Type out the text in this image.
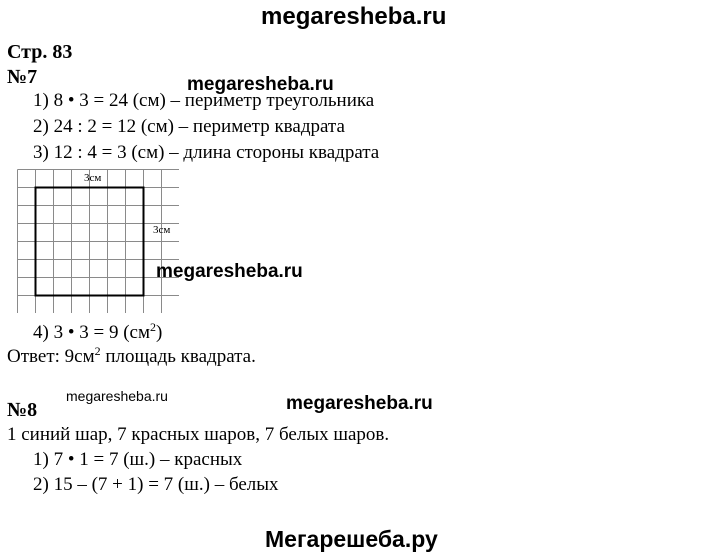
megaresheba.ru
Стр. 83
№7	megaresheba.ru
1) 8 • 3 = 24 (см) – периметр треугольника
2) 24 : 2 = 12 (см) – периметр квадрата
3) 12 : 4 = 3 (см) – длина стороны квадрата
3см
3см
megaresheba.ru
4) 3 • 3 = 9 $(см^2)$
Ответ: $9см^2$ площадь квадрата.
№8
megaresheba.ru	megaresheba.ru
1 синий шар, 7 красных шаров, 7 белых шаров.
1) 7 • 1 = 7 (ш.) – красных
2) 15 – (7 + 1) = 7 (ш.) – белых
Мегарешеба.ру
